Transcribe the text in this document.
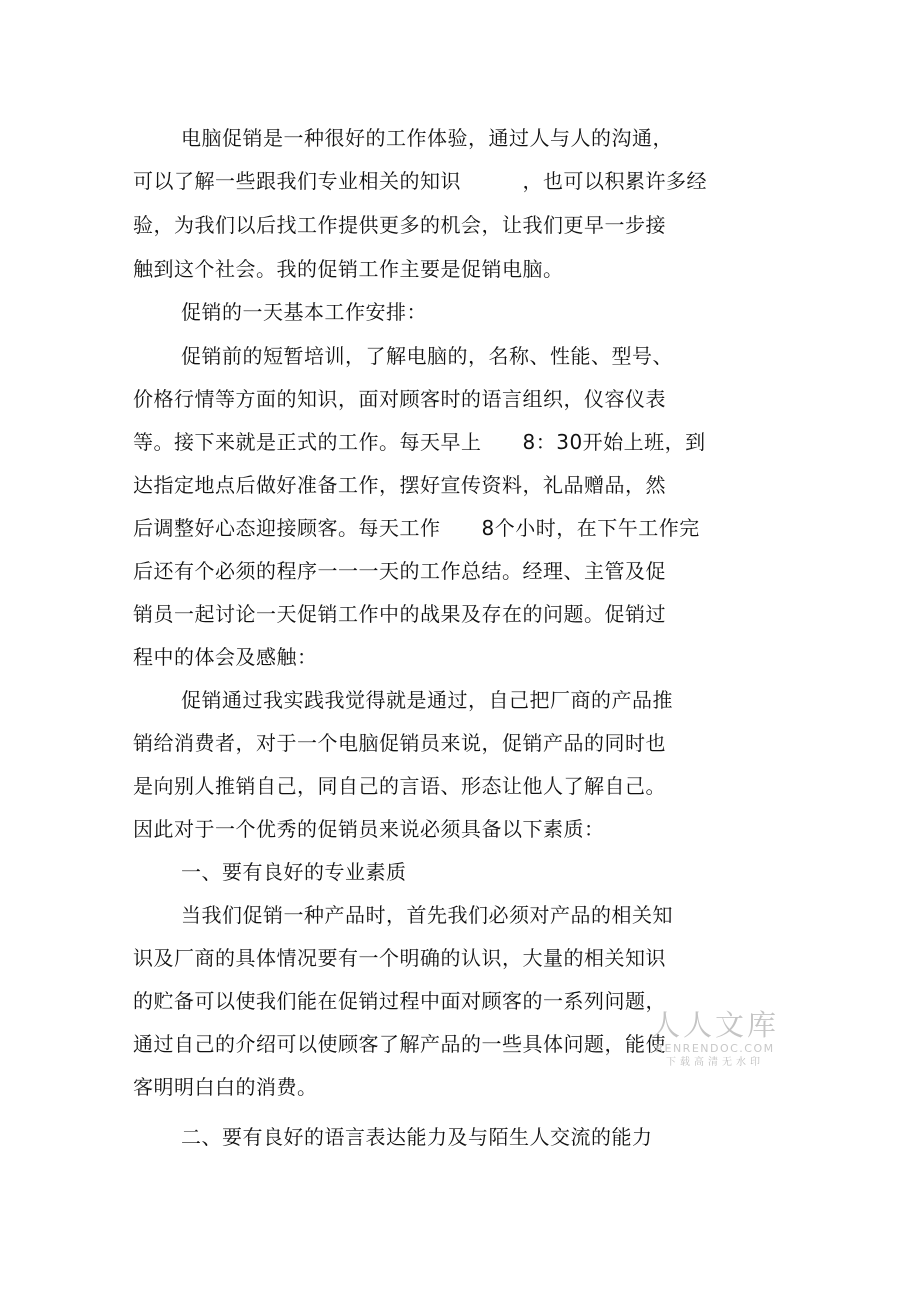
电脑促销是一种很好的工作体验，通过人与人的沟通，
可以了解一些跟我们专业相关的知识　　　，也可以积累许多经
验，为我们以后找工作提供更多的机会，让我们更早一步接
触到这个社会。我的促销工作主要是促销电脑。
促销的一天基本工作安排：
促销前的短暂培训，了解电脑的，名称、性能、型号、
价格行情等方面的知识，面对顾客时的语言组织，仪容仪表
等。接下来就是正式的工作。每天早上　　8：30开始上班，到
达指定地点后做好准备工作，摆好宣传资料，礼品赠品，然
后调整好心态迎接顾客。每天工作　　8个小时，在下午工作完
后还有个必须的程序一一一天的工作总结。经理、主管及促
销员一起讨论一天促销工作中的战果及存在的问题。促销过
程中的体会及感触：
促销通过我实践我觉得就是通过，自己把厂商的产品推
销给消费者，对于一个电脑促销员来说，促销产品的同时也
是向别人推销自己，同自己的言语、形态让他人了解自己。
因此对于一个优秀的促销员来说必须具备以下素质：
一、要有良好的专业素质
当我们促销一种产品时，首先我们必须对产品的相关知
识及厂商的具体情况要有一个明确的认识，大量的相关知识
的贮备可以使我们能在促销过程中面对顾客的一系列问题，
通过自己的介绍可以使顾客了解产品的一些具体问题，能使
客明明白白的消费。
二、要有良好的语言表达能力及与陌生人交流的能力
人人文库
RENRENDOC.COM
下载高清无水印
